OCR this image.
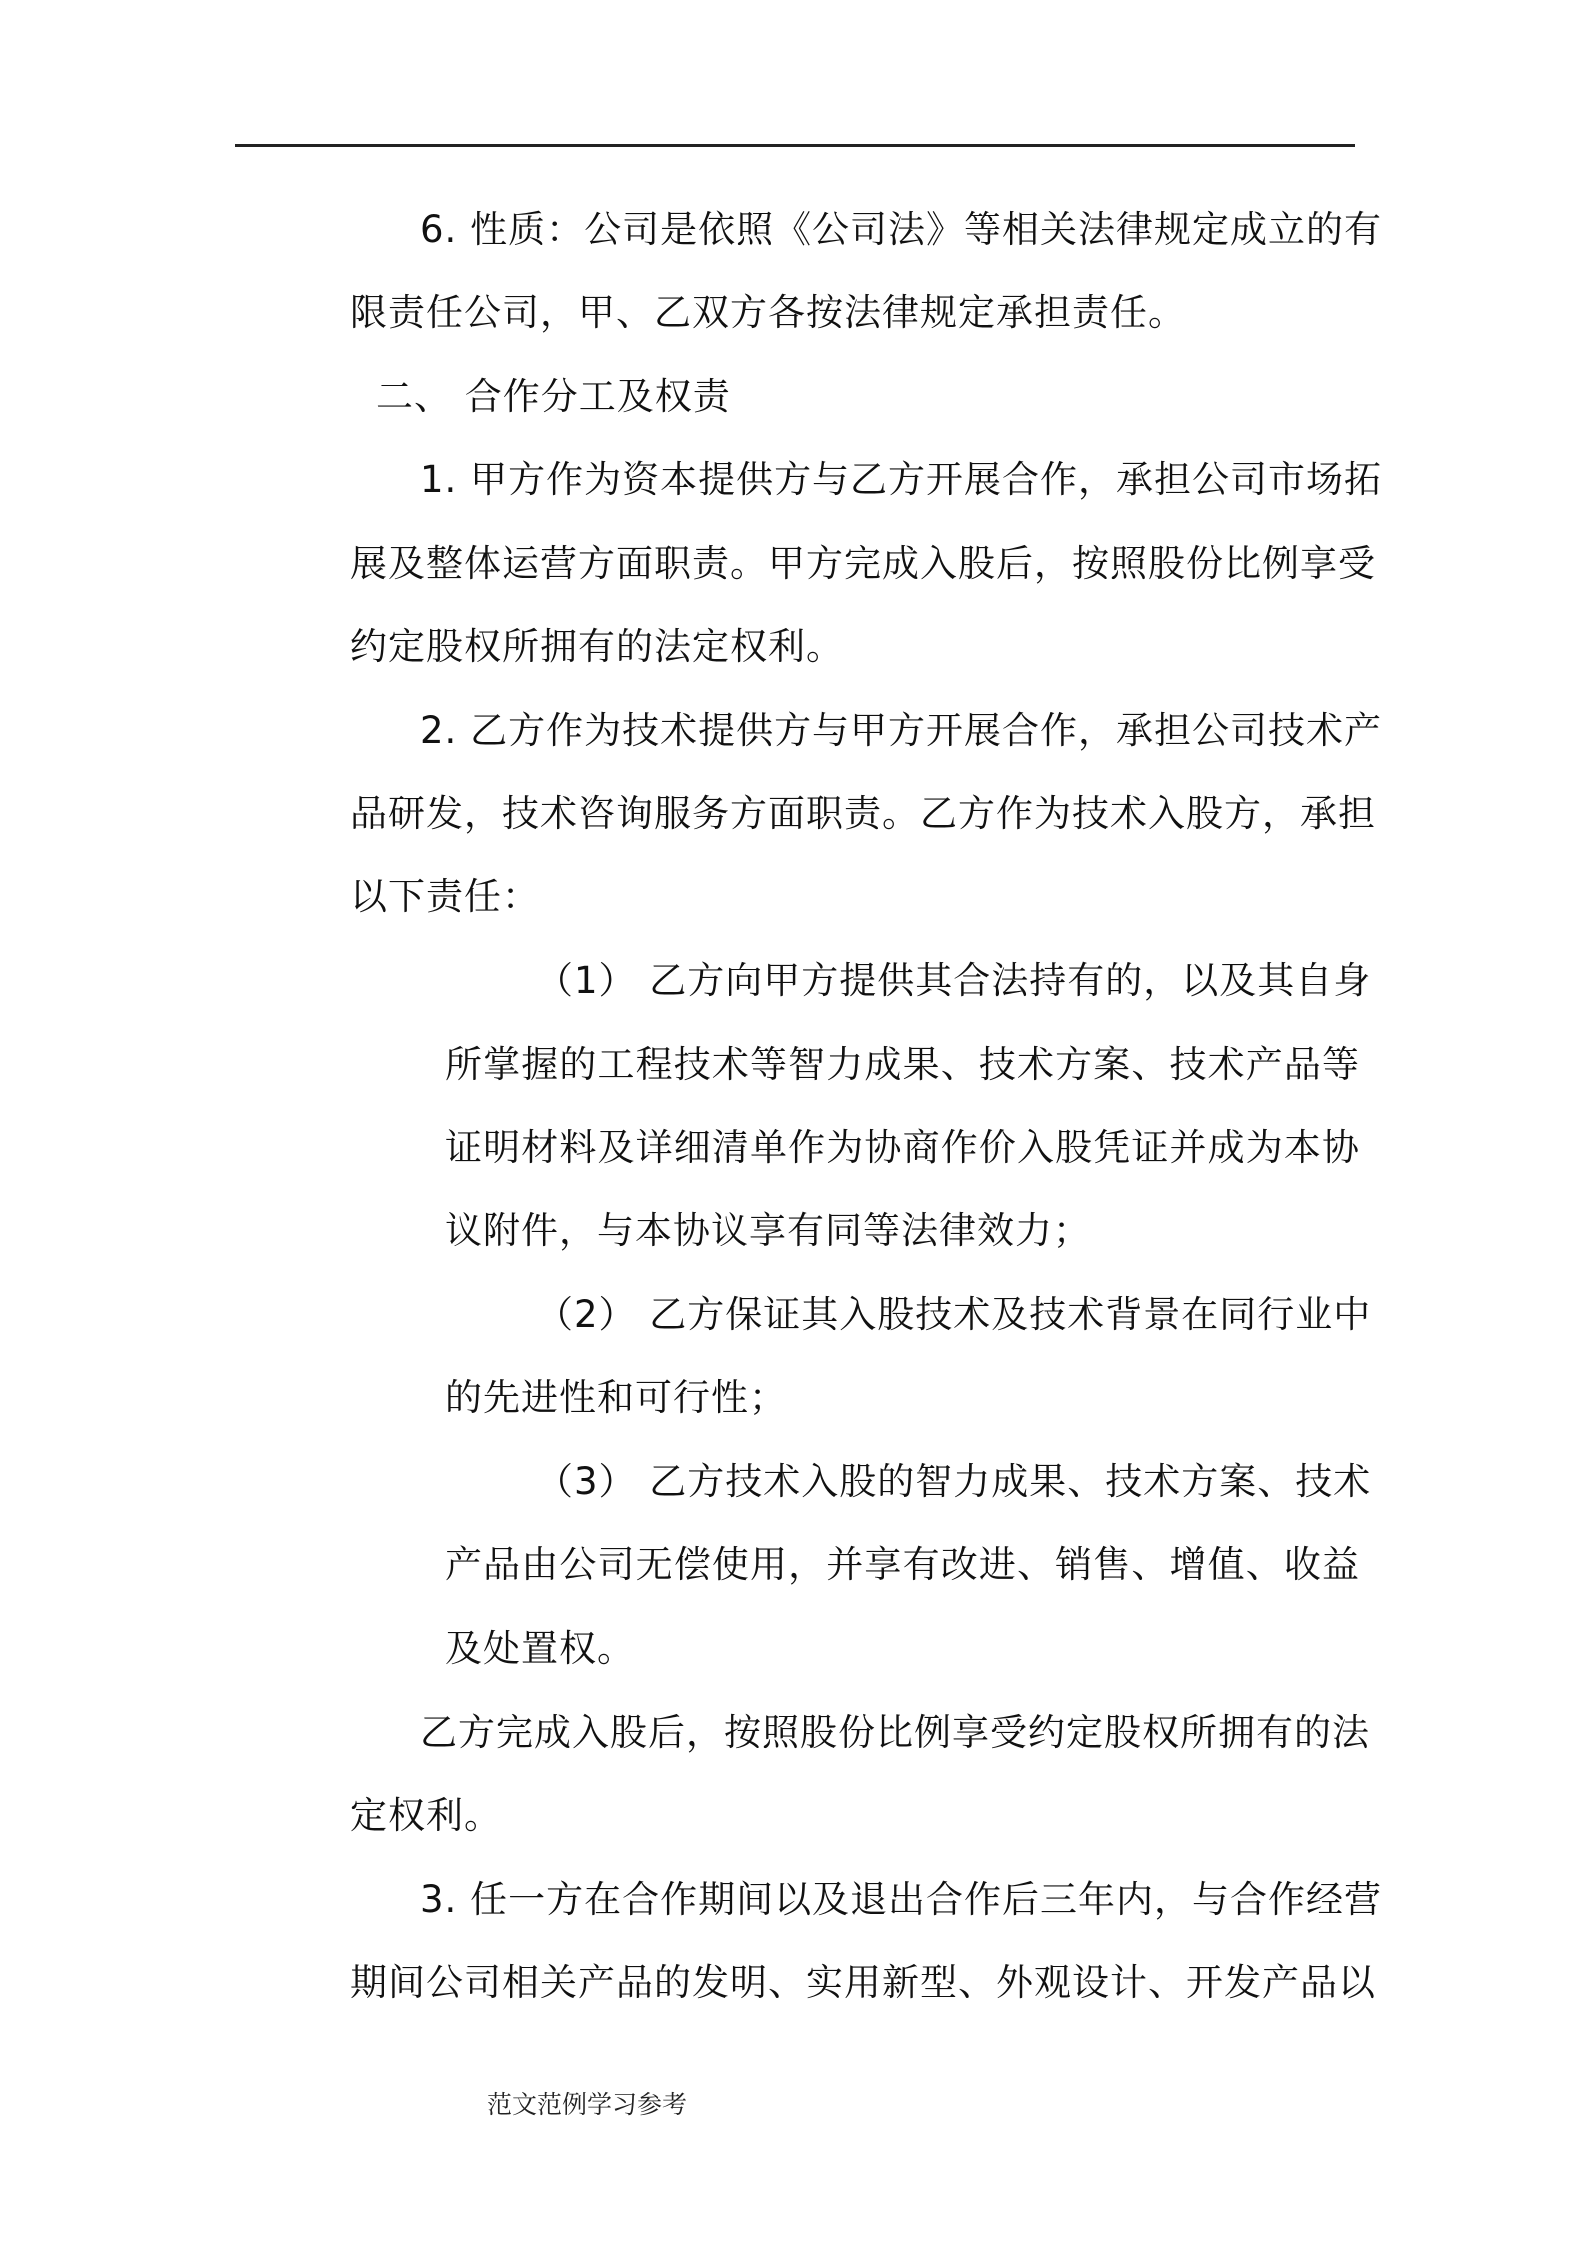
6. 性质：公司是依照《公司法》等相关法律规定成立的有
限责任公司，甲、乙双方各按法律规定承担责任。
二、 合作分工及权责
1. 甲方作为资本提供方与乙方开展合作，承担公司市场拓
展及整体运营方面职责。甲方完成入股后，按照股份比例享受
约定股权所拥有的法定权利。
2. 乙方作为技术提供方与甲方开展合作，承担公司技术产
品研发，技术咨询服务方面职责。乙方作为技术入股方，承担
以下责任：
（1） 乙方向甲方提供其合法持有的，以及其自身
所掌握的工程技术等智力成果、技术方案、技术产品等
证明材料及详细清单作为协商作价入股凭证并成为本协
议附件，与本协议享有同等法律效力；
（2） 乙方保证其入股技术及技术背景在同行业中
的先进性和可行性；
（3） 乙方技术入股的智力成果、技术方案、技术
产品由公司无偿使用，并享有改进、销售、增值、收益
及处置权。
乙方完成入股后，按照股份比例享受约定股权所拥有的法
定权利。
3. 任一方在合作期间以及退出合作后三年内，与合作经营
期间公司相关产品的发明、实用新型、外观设计、开发产品以
范文范例学习参考
